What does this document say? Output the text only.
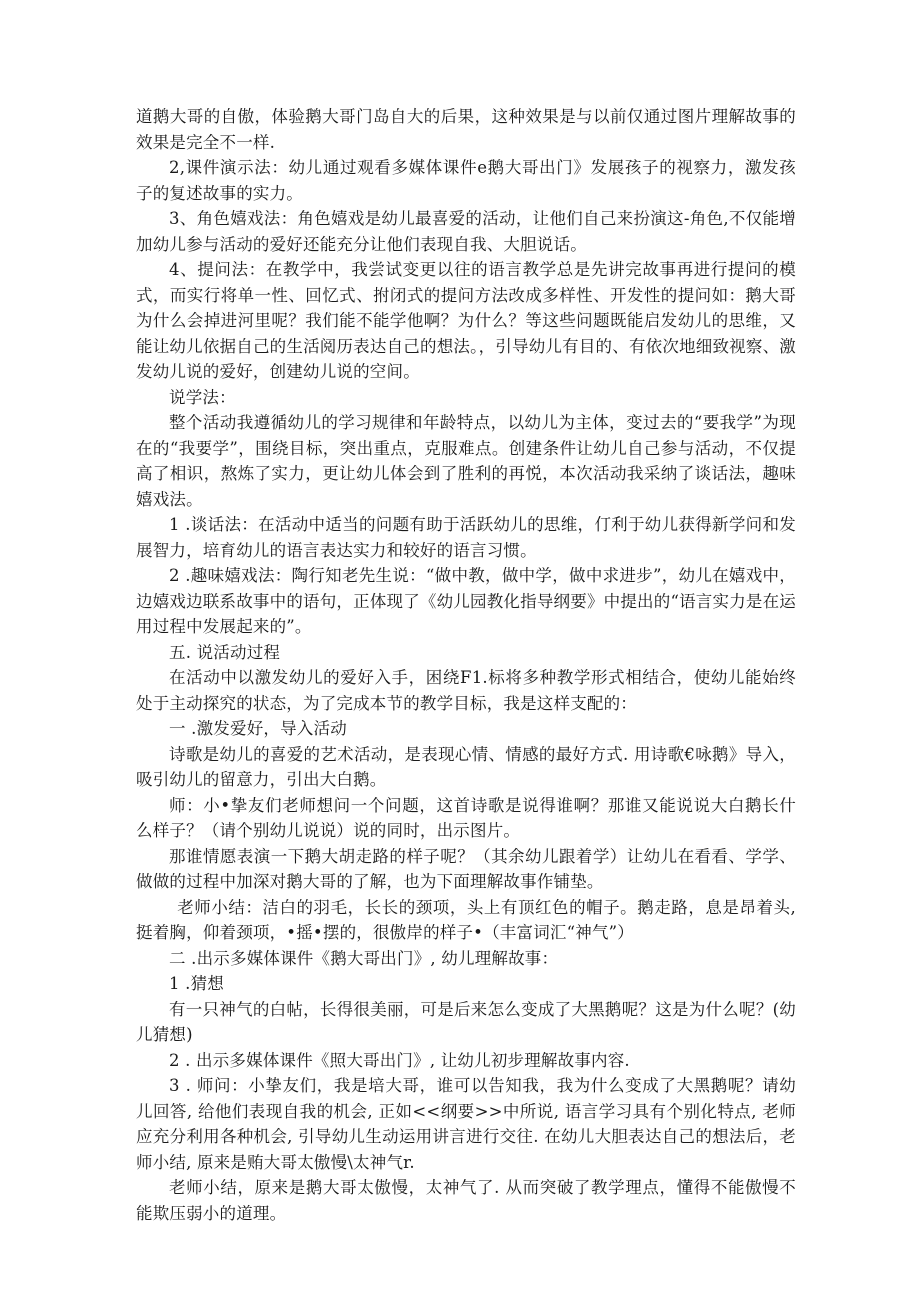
道鹅大哥的自傲，体验鹅大哥门岛自大的后果，这种效果是与以前仅通过图片理解故事的效果是完全不一样.

2,课件演示法：幼儿通过观看多媒体课件e鹅大哥出门》发展孩子的视察力，激发孩子的复述故事的实力。

3、角色嬉戏法：角色嬉戏是幼儿最喜爱的活动，让他们自己来扮演这-角色,不仅能增加幼儿参与活动的爱好还能充分让他们表现自我、大胆说话。

4、提问法：在教学中，我尝试变更以往的语言教学总是先讲完故事再进行提问的模式，而实行将单一性、回忆式、拊闭式的提问方法改成多样性、开发性的提问如：鹅大哥为什么会掉进河里呢？我们能不能学他啊？为什么？等这些问题既能启发幼儿的思维，又能让幼儿依据自己的生活阅历表达自己的想法。，引导幼儿有目的、有依次地细致视察、激发幼儿说的爱好，创建幼儿说的空间。

说学法：

整个活动我遵循幼儿的学习规律和年龄特点，以幼儿为主体，变过去的“要我学”为现在的“我要学”，围绕目标，突出重点，克服难点。创建条件让幼儿自己参与活动，不仅提高了相识，熬炼了实力，更让幼儿体会到了胜利的再悦，本次活动我采纳了谈话法，趣味嬉戏法。

1 .谈话法：在活动中适当的问题有助于活跃幼儿的思维，仃利于幼儿获得新学问和发展智力，培育幼儿的语言表达实力和较好的语言习惯。

2 .趣味嬉戏法：陶行知老先生说：“做中教，做中学，做中求进步”，幼儿在嬉戏中，边嬉戏边联系故事中的语句，正体现了《幼儿园教化指导纲要》中提出的“语言实力是在运用过程中发展起来的”。

五. 说活动过程

在活动中以激发幼儿的爱好入手，困绕F1.标将多种教学形式相结合，使幼儿能始终处于主动探究的状态，为了完成本节的教学目标，我是这样支配的：

一 .激发爱好，导入活动

诗歌是幼儿的喜爱的艺术活动，是表现心情、情感的最好方式. 用诗歌€咏鹅》导入，吸引幼儿的留意力，引出大白鹅。

师：小•挚友们老师想问一个问题，这首诗歌是说得谁啊？那谁又能说说大白鹅长什么样子？（请个别幼儿说说）说的同时，出示图片。

那谁情愿表演一下鹅大胡走路的样子呢？（其余幼儿跟着学）让幼儿在看看、学学、做做的过程中加深对鹅大哥的了解，也为下面理解故事作铺垫。

老师小结：洁白的羽毛，长长的颈项，头上有顶红色的帽子。鹅走路，息是昂着头, 挺着胸，仰着颈项，•摇•摆的，很傲岸的样子•（丰富词汇“神气”）

二 .出示多媒体课件《鹅大哥出门》, 幼儿理解故事：

1 .猜想

有一只神气的白帖，长得很美丽，可是后来怎么变成了大黑鹅呢？这是为什么呢？(幼儿猜想)

2 . 出示多媒体课件《照大哥出门》, 让幼儿初步理解故事内容.

3 . 师问：小挚友们，我是培大哥，谁可以告知我，我为什么变成了大黑鹅呢？请幼儿回答, 给他们表现自我的机会, 正如<<纲要>>中所说, 语言学习具有个别化特点, 老师应充分利用各种机会, 引导幼儿生动运用讲言进行交往. 在幼儿大胆表达自己的想法后，老师小结, 原来是贿大哥太傲慢\太神气r.

老师小结，原来是鹅大哥太傲慢，太神气了. 从而突破了教学理点，懂得不能傲慢不能欺压弱小的道理。
